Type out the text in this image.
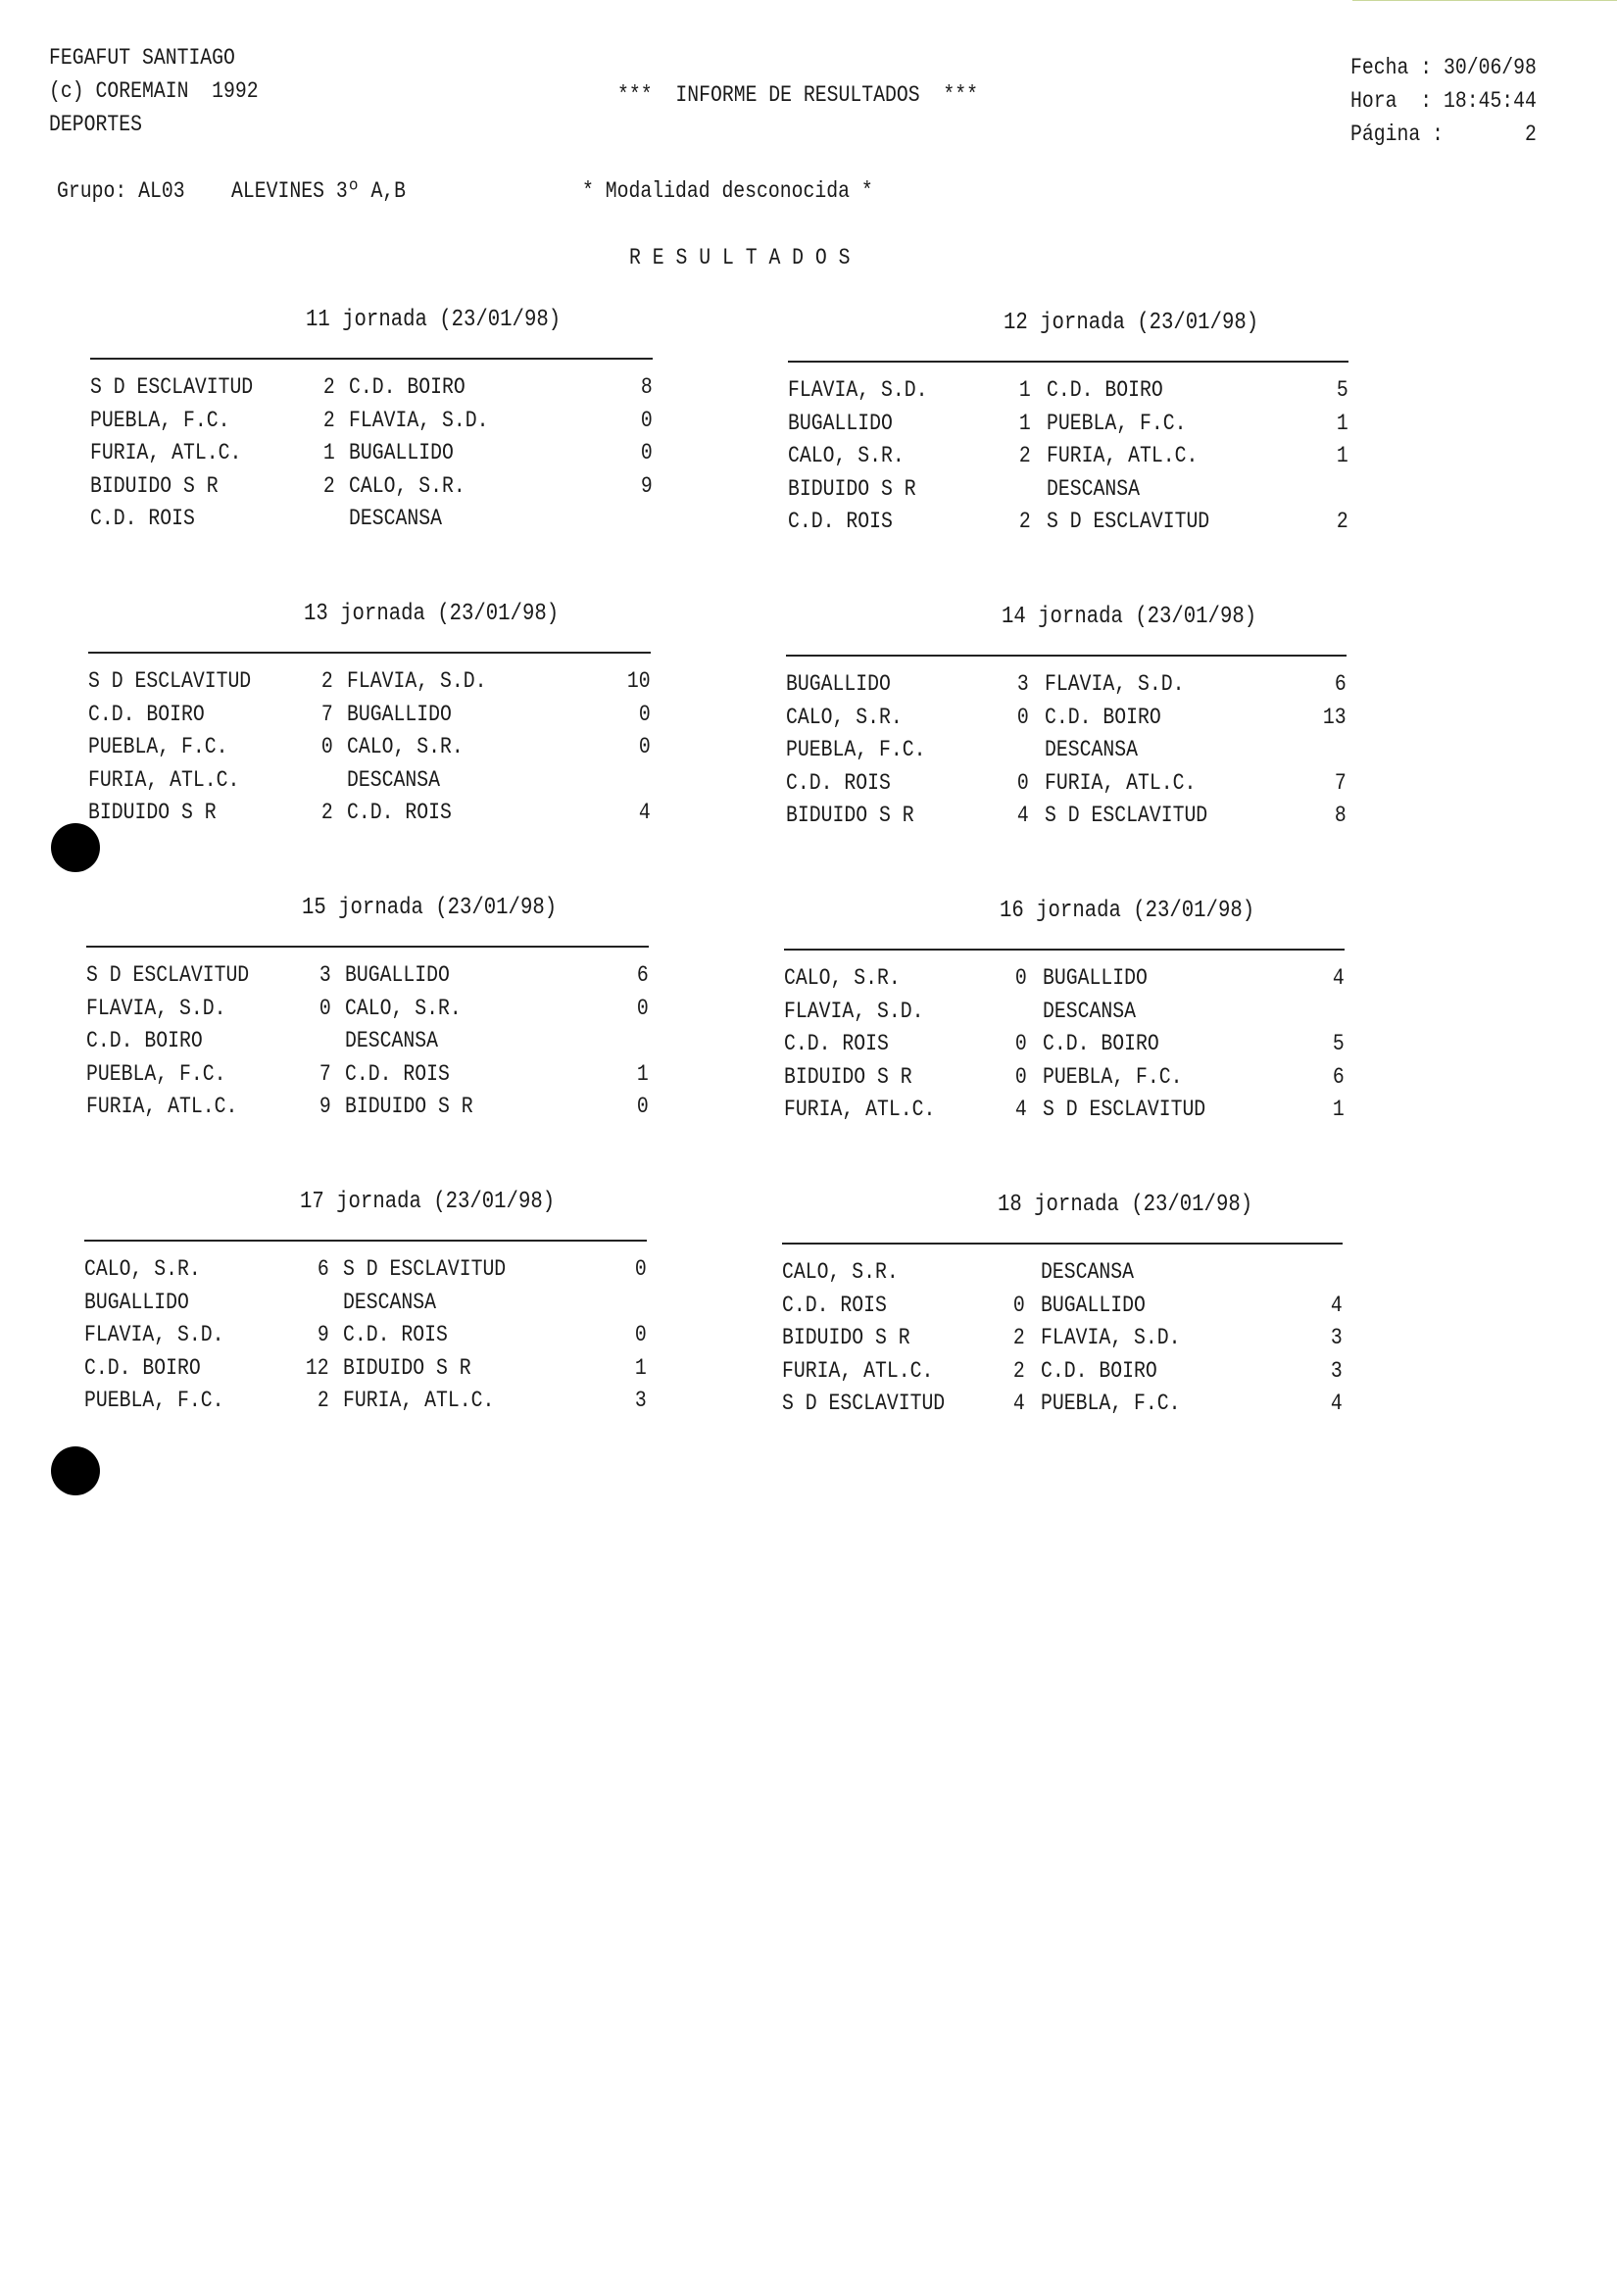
FEGAFUT SANTIAGO
(c) COREMAIN  1992
DEPORTES
***  INFORME DE RESULTADOS  ***
Fecha : 30/06/98
Hora  : 18:45:44
Página :       2
Grupo: AL03 ALEVINES 3º A,B	* Modalidad desconocida *
R E S U L T A D O S
11 jornada (23/01/98)
S D ESCLAVITUD	2 C.D. BOIRO	8
PUEBLA, F.C.	2 FLAVIA, S.D.	0
FURIA, ATL.C.	1 BUGALLIDO	0
BIDUIDO S R	2 CALO, S.R.	9
C.D. ROIS	DESCANSA
12 jornada (23/01/98)
FLAVIA, S.D.	1 C.D. BOIRO	5
BUGALLIDO	1 PUEBLA, F.C.	1
CALO, S.R.	2 FURIA, ATL.C.	1
BIDUIDO S R	DESCANSA
C.D. ROIS	2 S D ESCLAVITUD	2
13 jornada (23/01/98)
S D ESCLAVITUD	2 FLAVIA, S.D.	10
C.D. BOIRO	7 BUGALLIDO	0
PUEBLA, F.C.	0 CALO, S.R.	0
FURIA, ATL.C.	DESCANSA
BIDUIDO S R	2 C.D. ROIS	4
14 jornada (23/01/98)
BUGALLIDO	3 FLAVIA, S.D.	6
CALO, S.R.	0 C.D. BOIRO	13
PUEBLA, F.C.	DESCANSA
C.D. ROIS	0 FURIA, ATL.C.	7
BIDUIDO S R	4 S D ESCLAVITUD	8
15 jornada (23/01/98)
S D ESCLAVITUD	3 BUGALLIDO	6
FLAVIA, S.D.	0 CALO, S.R.	0
C.D. BOIRO	DESCANSA
PUEBLA, F.C.	7 C.D. ROIS	1
FURIA, ATL.C.	9 BIDUIDO S R	0
16 jornada (23/01/98)
CALO, S.R.	0 BUGALLIDO	4
FLAVIA, S.D.	DESCANSA
C.D. ROIS	0 C.D. BOIRO	5
BIDUIDO S R	0 PUEBLA, F.C.	6
FURIA, ATL.C.	4 S D ESCLAVITUD	1
17 jornada (23/01/98)
CALO, S.R.	6 S D ESCLAVITUD	0
BUGALLIDO	DESCANSA
FLAVIA, S.D.	9 C.D. ROIS	0
C.D. BOIRO	12 BIDUIDO S R	1
PUEBLA, F.C.	2 FURIA, ATL.C.	3
18 jornada (23/01/98)
CALO, S.R.	DESCANSA
C.D. ROIS	0 BUGALLIDO	4
BIDUIDO S R	2 FLAVIA, S.D.	3
FURIA, ATL.C.	2 C.D. BOIRO	3
S D ESCLAVITUD	4 PUEBLA, F.C.	4
